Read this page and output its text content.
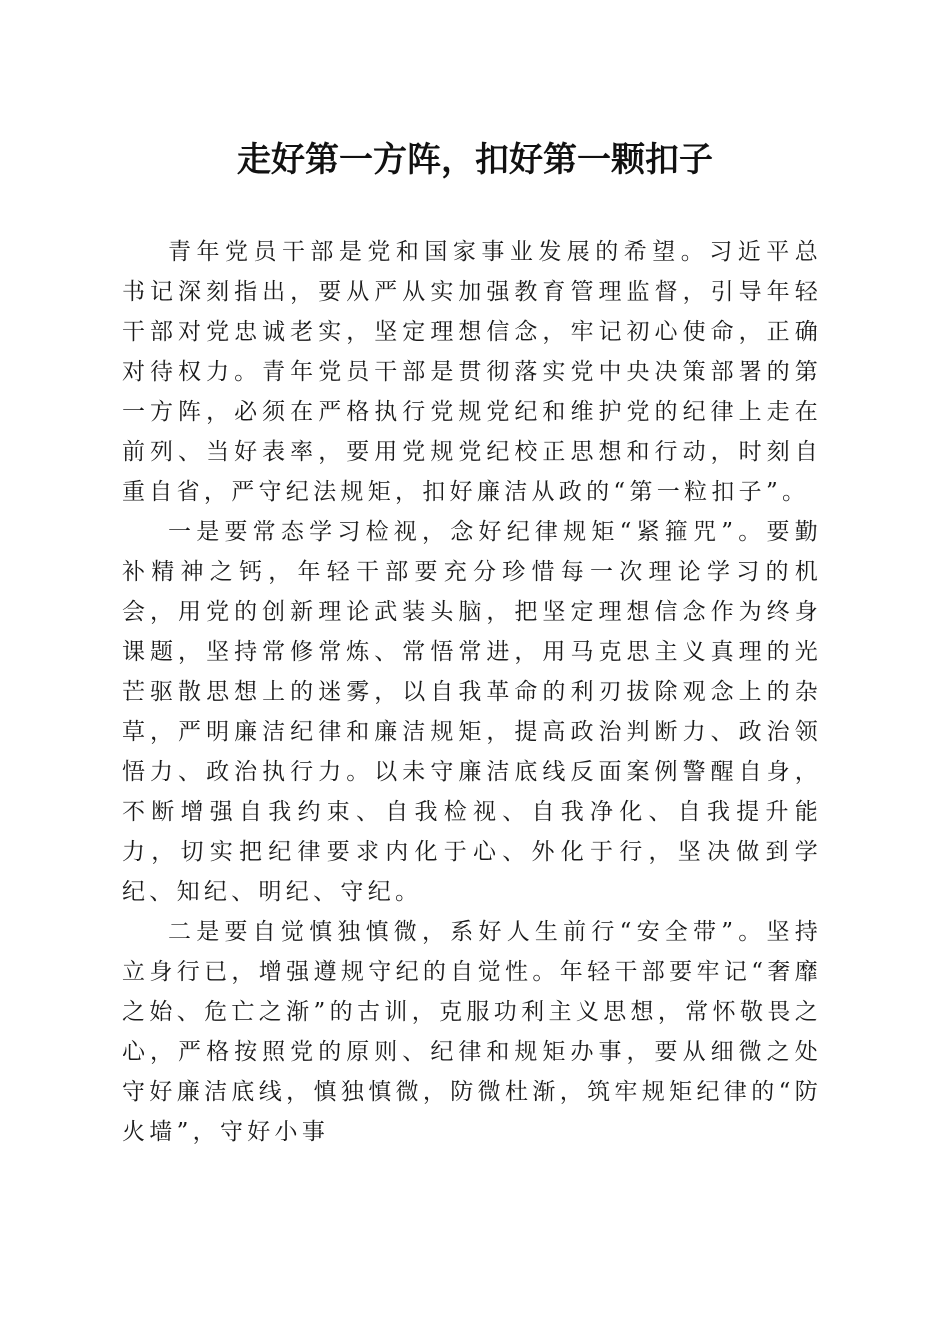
走好第一方阵，扣好第一颗扣子

青年党员干部是党和国家事业发展的希望。习近平总书记深刻指出，要从严从实加强教育管理监督，引导年轻干部对党忠诚老实，坚定理想信念，牢记初心使命，正确对待权力。青年党员干部是贯彻落实党中央决策部署的第一方阵，必须在严格执行党规党纪和维护党的纪律上走在前列、当好表率，要用党规党纪校正思想和行动，时刻自重自省，严守纪法规矩，扣好廉洁从政的“第一粒扣子”。

一是要常态学习检视，念好纪律规矩“紧箍咒”。要勤补精神之钙，年轻干部要充分珍惜每一次理论学习的机会，用党的创新理论武装头脑，把坚定理想信念作为终身课题，坚持常修常炼、常悟常进，用马克思主义真理的光芒驱散思想上的迷雾，以自我革命的利刃拔除观念上的杂草，严明廉洁纪律和廉洁规矩，提高政治判断力、政治领悟力、政治执行力。以未守廉洁底线反面案例警醒自身，不断增强自我约束、自我检视、自我净化、自我提升能力，切实把纪律要求内化于心、外化于行，坚决做到学纪、知纪、明纪、守纪。

二是要自觉慎独慎微，系好人生前行“安全带”。坚持立身行已，增强遵规守纪的自觉性。年轻干部要牢记“奢靡之始、危亡之渐”的古训，克服功利主义思想，常怀敬畏之心，严格按照党的原则、纪律和规矩办事，要从细微之处守好廉洁底线，慎独慎微，防微杜渐，筑牢规矩纪律的“防火墙”，守好小事
